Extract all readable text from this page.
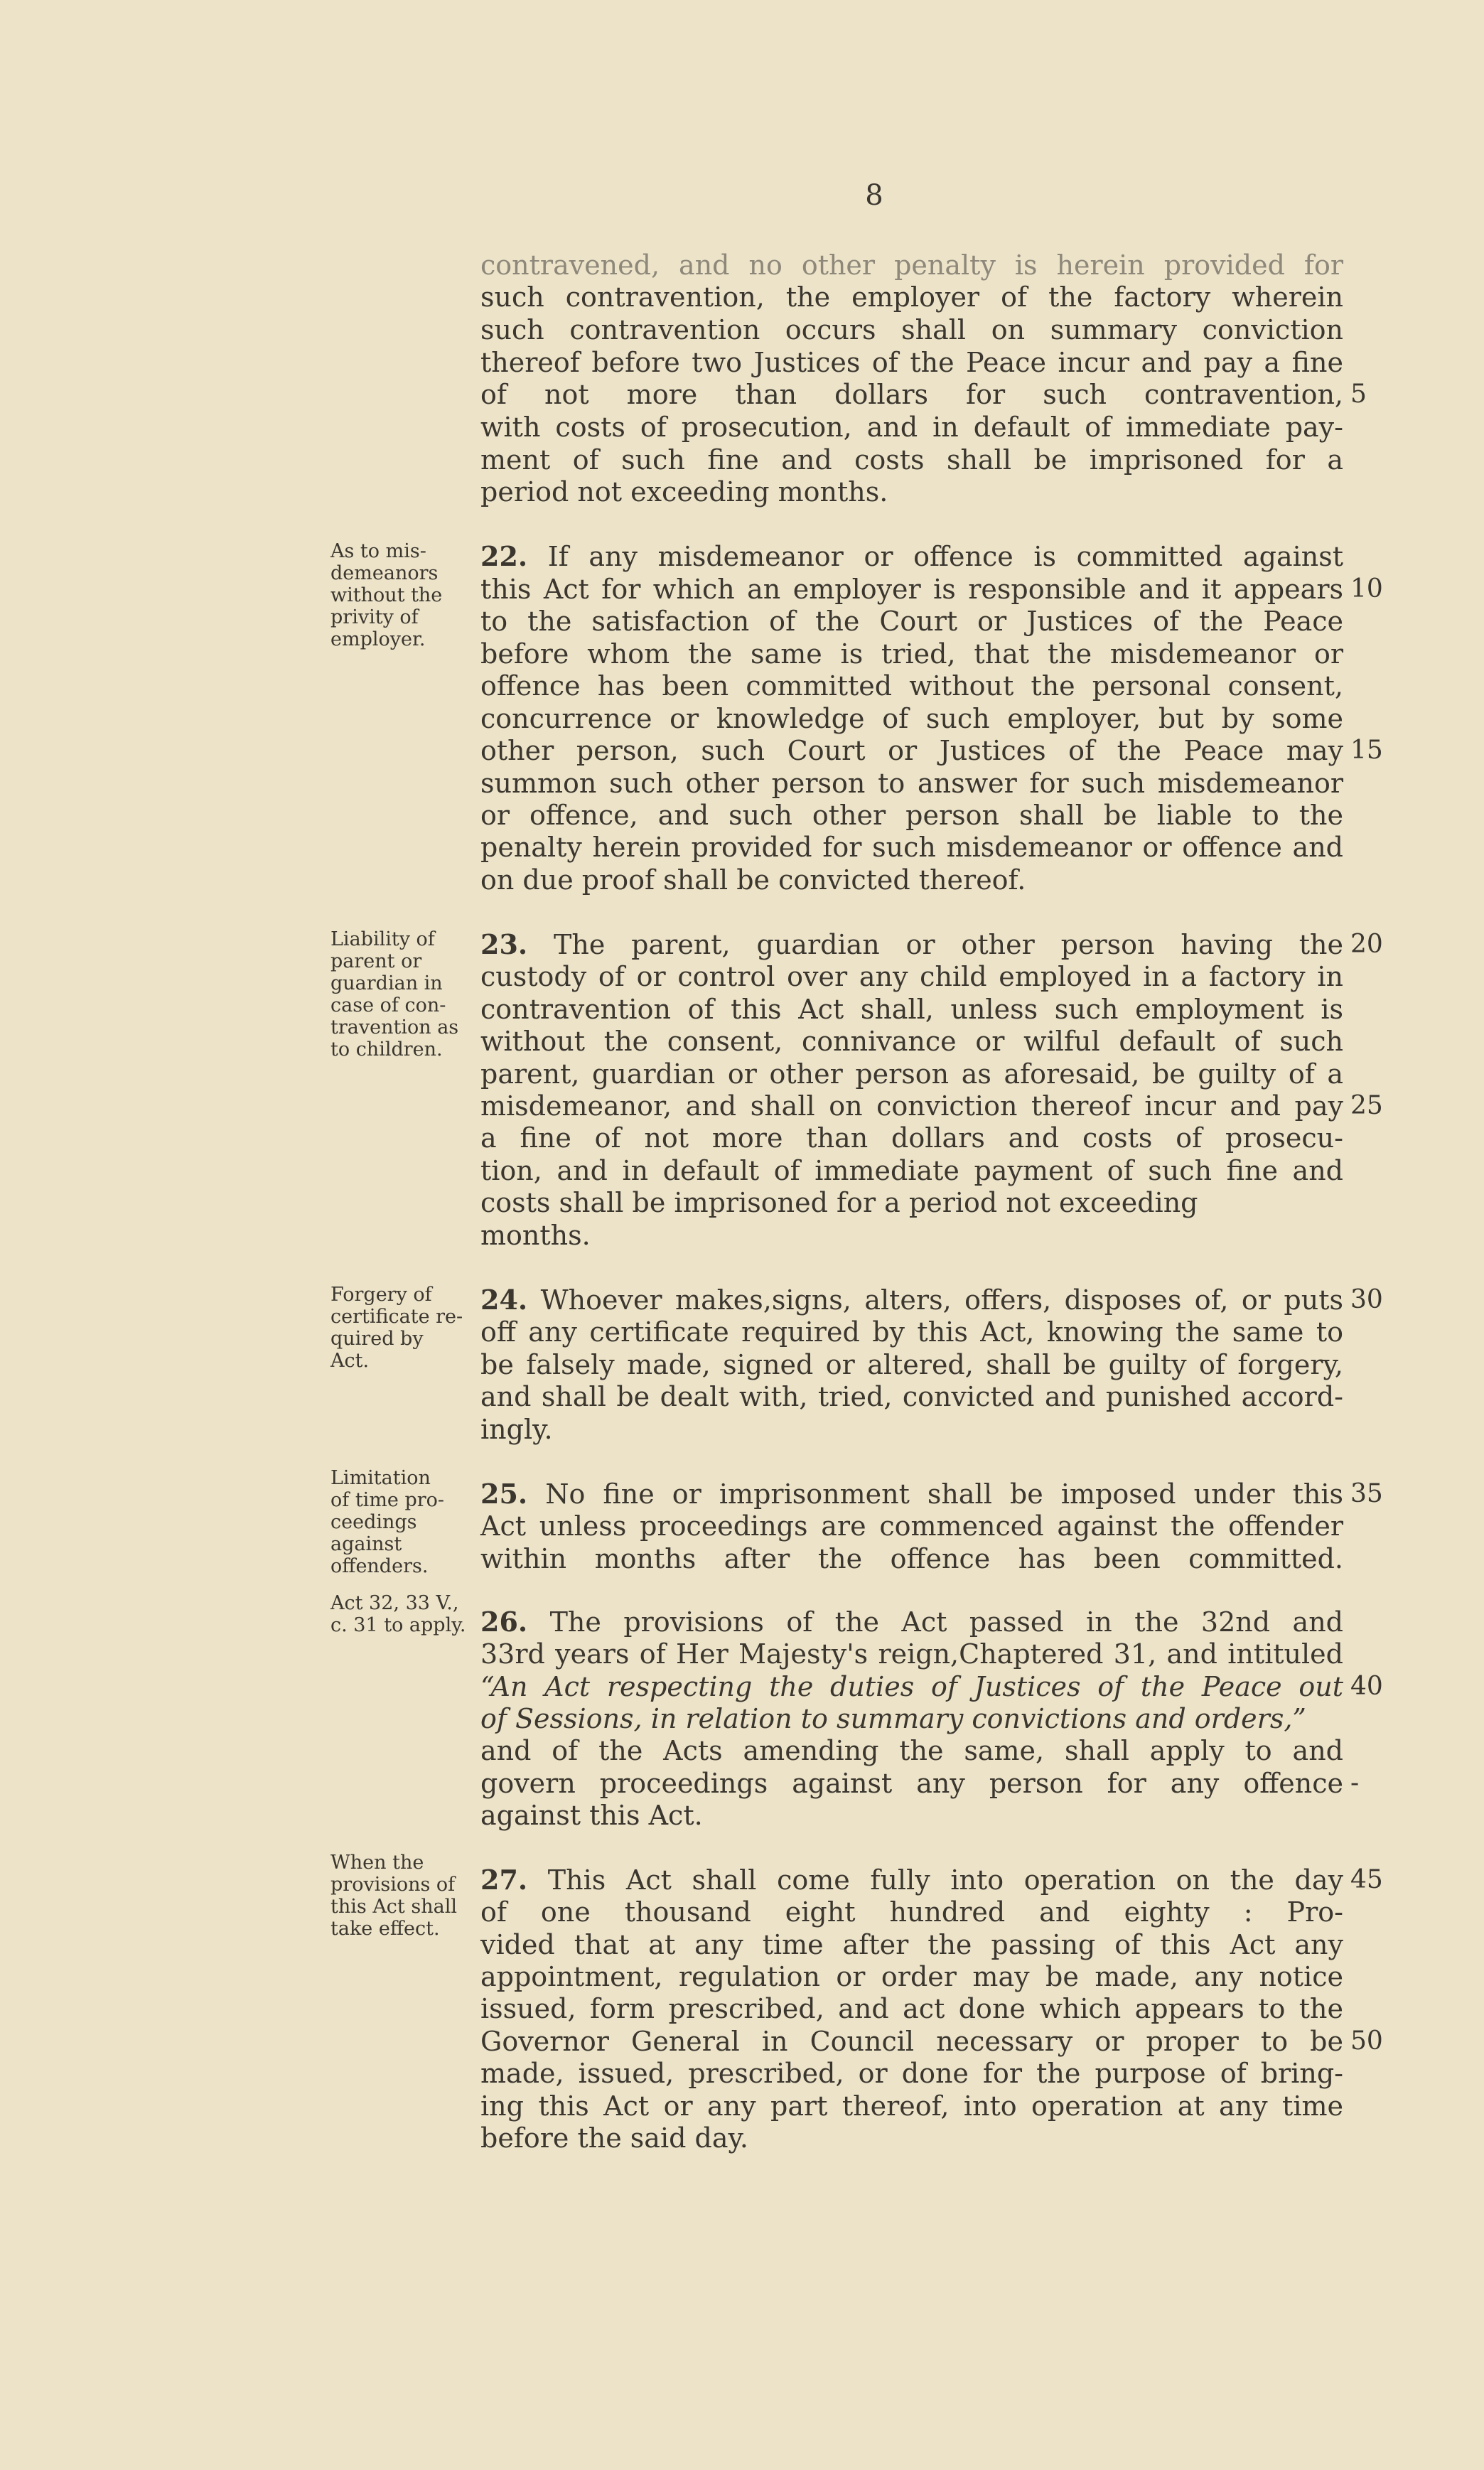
8
contravened, and no other penalty is herein provided for
such contravention, the employer of the factory wherein
such contravention occurs shall on summary conviction
thereof before two Justices of the Peace incur and pay a fine
of not more than dollars for such contravention, 5
with costs of prosecution, and in default of immediate pay-
ment of such fine and costs shall be imprisoned for a
period not exceeding months.
22. If any misdemeanor or offence is committed against
this Act for which an employer is responsible and it appears 10
to the satisfaction of the Court or Justices of the Peace
before whom the same is tried, that the misdemeanor or
offence has been committed without the personal consent,
concurrence or knowledge of such employer, but by some
other person, such Court or Justices of the Peace may 15
summon such other person to answer for such misdemeanor
or offence, and such other person shall be liable to the
penalty herein provided for such misdemeanor or offence and
on due proof shall be convicted thereof.
23. The parent, guardian or other person having the 20
custody of or control over any child employed in a factory in
contravention of this Act shall, unless such employment is
without the consent, connivance or wilful default of such
parent, guardian or other person as aforesaid, be guilty of a
misdemeanor, and shall on conviction thereof incur and pay 25
a fine of not more than dollars and costs of prosecu-
tion, and in default of immediate payment of such fine and
costs shall be imprisoned for a period not exceeding
months.
24. Whoever makes,signs, alters, offers, disposes of, or puts 30
off any certificate required by this Act, knowing the same to
be falsely made, signed or altered, shall be guilty of forgery,
and shall be dealt with, tried, convicted and punished accord-
ingly.
25. No fine or imprisonment shall be imposed under this 35
Act unless proceedings are commenced against the offender
within months after the offence has been committed.
26. The provisions of the Act passed in the 32nd and
33rd years of Her Majesty's reign,Chaptered 31, and intituled
“An Act respecting the duties of Justices of the Peace out 40
of Sessions, in relation to summary convictions and orders,”
and of the Acts amending the same, shall apply to and
govern proceedings against any person for any offence -
against this Act.
27. This Act shall come fully into operation on the day 45
of one thousand eight hundred and eighty : Pro-
vided that at any time after the passing of this Act any
appointment, regulation or order may be made, any notice
issued, form prescribed, and act done which appears to the
Governor General in Council necessary or proper to be 50
made, issued, prescribed, or done for the purpose of bring-
ing this Act or any part thereof, into operation at any time
before the said day.
As to mis-
demeanors
without the
privity of
employer.
Liability of
parent or
guardian in
case of con-
travention as
to children.
Forgery of
certificate re-
quired by
Act.
Limitation
of time pro-
ceedings
against
offenders.
Act 32, 33 V.,
c. 31 to apply.
When the
provisions of
this Act shall
take effect.
